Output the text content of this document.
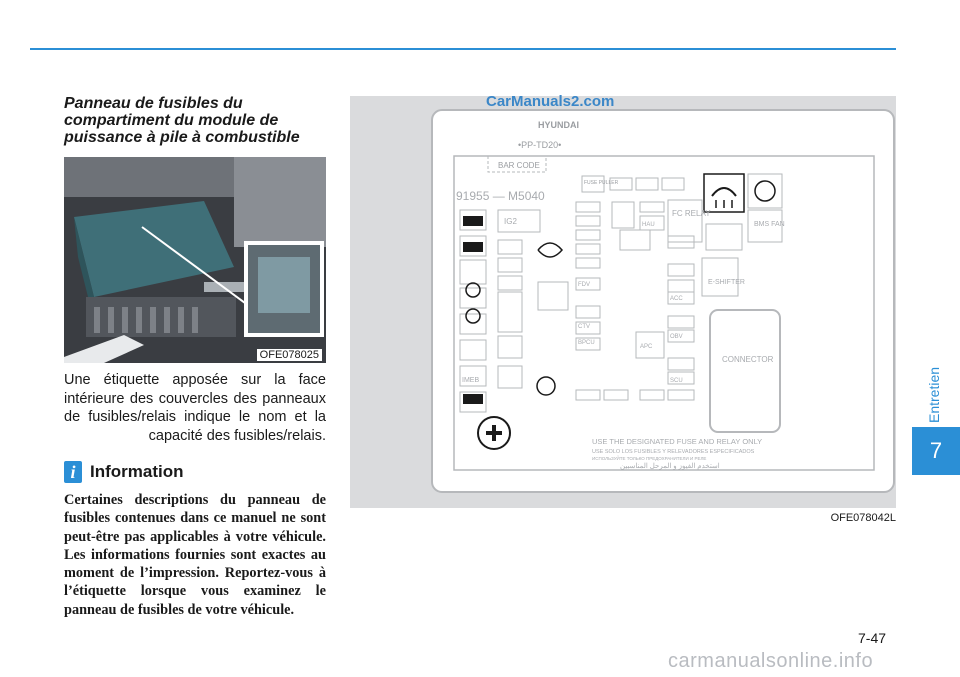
Panneau de fusibles du compartiment du module de puissance à pile à combustible
OFE078025
Une étiquette apposée sur la face intérieure des couvercles des panneaux de fusibles/relais indique le nom et la capacité des fusibles/relais.
i Information
Certaines descriptions du panneau de fusibles contenues dans ce manuel ne sont peut-être pas applicables à votre véhicule. Les informations fournies sont exactes au moment de l’impression. Reportez-vous à l’étiquette lorsque vous examinez le panneau de fusibles de votre véhicule.
HYUNDAI
•PP-TD20•
BAR CODE
91955 — M5040
FUSE PULLER
BMS FAN
FC RELAY
CONNECTOR
E-SHIFTER
IG2
IMEB
FDV
CTV
BPCU
OBV
SCU
ACC
HAU
APC
USE THE DESIGNATED FUSE AND RELAY ONLY
USE SOLO LOS FUSIBLES Y RELEVADORES ESPECIFICADOS
ИСПОЛЬЗУЙТЕ ТОЛЬКО ПРЕДОХРАНИТЕЛИ И РЕЛЕ
استخدم الفيوز و المرحل المناسبين
OFE078042L
CarManuals2.com
Entretien
7
7-47
carmanualsonline.info
